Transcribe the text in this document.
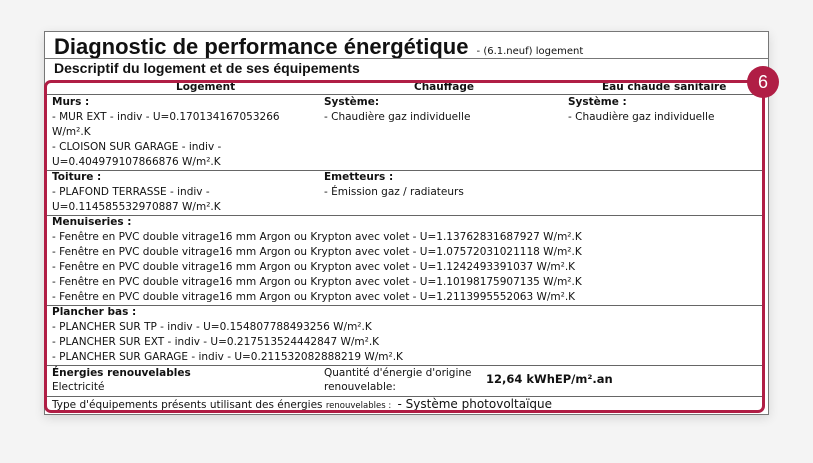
Diagnostic de performance énergétique - (6.1.neuf) logement
Descriptif du logement et de ses équipements
Logement	Chauffage	Eau chaude sanitaire
Murs :
- MUR EXT - indiv - U=0.170134167053266
W/m².K
- CLOISON SUR GARAGE - indiv -
U=0.404979107866876 W/m².K
Système:
- Chaudière gaz individuelle
Système :
- Chaudière gaz individuelle
Toiture :
- PLAFOND TERRASSE - indiv -
U=0.114585532970887 W/m².K
Emetteurs :
- Émission gaz / radiateurs
Menuiseries :
- Fenêtre en PVC double vitrage16 mm Argon ou Krypton avec volet - U=1.13762831687927 W/m².K
- Fenêtre en PVC double vitrage16 mm Argon ou Krypton avec volet - U=1.07572031021118 W/m².K
- Fenêtre en PVC double vitrage16 mm Argon ou Krypton avec volet - U=1.1242493391037 W/m².K
- Fenêtre en PVC double vitrage16 mm Argon ou Krypton avec volet - U=1.10198175907135 W/m².K
- Fenêtre en PVC double vitrage16 mm Argon ou Krypton avec volet - U=1.2113995552063 W/m².K
Plancher bas :
- PLANCHER SUR TP - indiv - U=0.154807788493256 W/m².K
- PLANCHER SUR EXT - indiv - U=0.217513524442847 W/m².K
- PLANCHER SUR GARAGE - indiv - U=0.211532082888219 W/m².K
Énergies renouvelables
Electricité
Quantité d'énergie d'origine
renouvelable:
12,64 kWhEP/m².an
Type d'équipements présents utilisant des énergies renouvelables : - Système photovoltaïque
6
